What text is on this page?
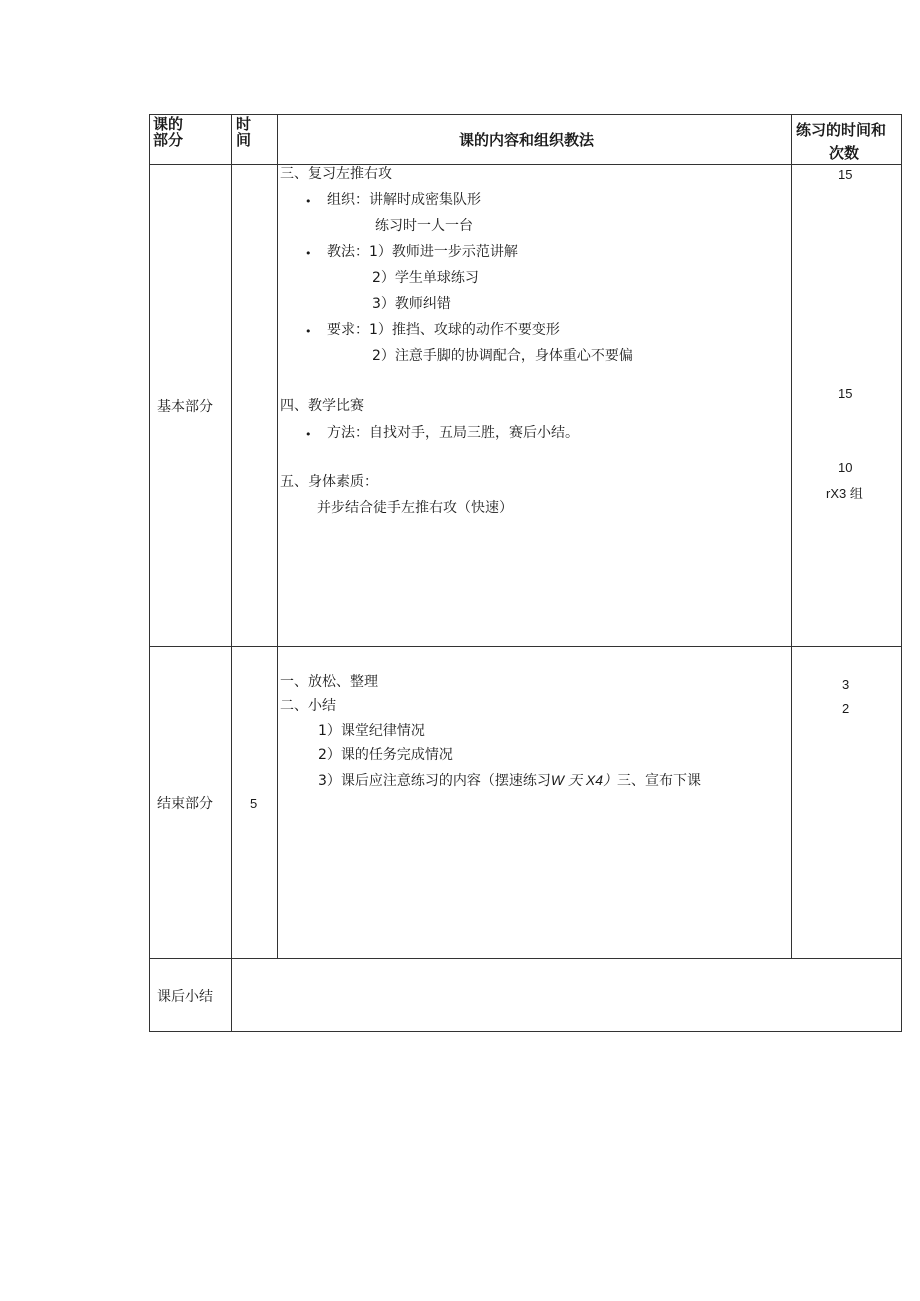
课的
部分
时
间	课的内容和组织教法
练习的时间和
次数
基本部分
三、复习左推右攻
• 组织：讲解时成密集队形
练习时一人一台
• 教法：1）教师进一步示范讲解
2）学生单球练习
3）教师纠错
• 要求：1）推挡、攻球的动作不要变形
2）注意手脚的协调配合，身体重心不要偏
四、教学比赛
• 方法：自找对手，五局三胜，赛后小结。
五、身体素质：
并步结合徒手左推右攻（快速）
15
15
10
rX3 组
结束部分	5
一、放松、整理
二、小结
1）课堂纪律情况
2）课的任务完成情况
3）课后应注意练习的内容（摆速练习W 天 X4）三、宣布下课
3
2
课后小结
